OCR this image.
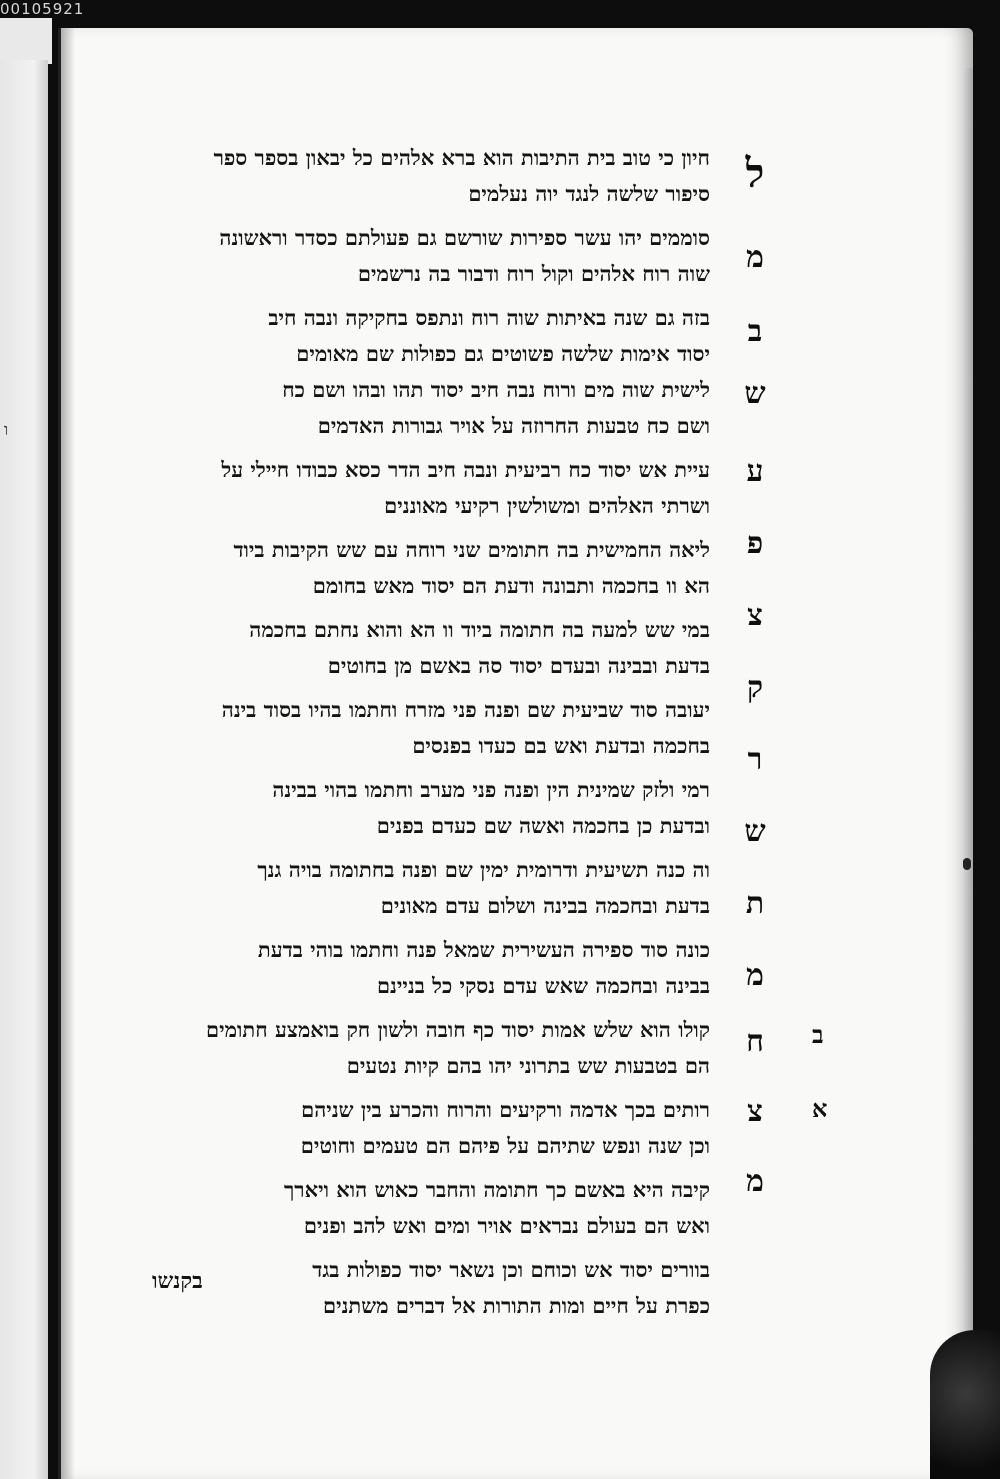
00105921
ו
חיון כי טוב בית התיבות הוא ברא אלהים כל יבאון בספר ספר
סיפור שלשה לנגד יוה נעלמים
סוממים יהו עשר ספירות שורשם גם פעולתם כסדר וראשונה
שוה רוח אלהים וקול רוח ודבור בה נרשמים
בזה גם שנה באיתות שוה רוח ונתפס בחקיקה ונבה חיב
יסוד אימות שלשה פשוטים גם כפולות שם מאומים
לישית שוה מים ורוח נבה חיב יסוד תהו ובהו ושם כח
ושם כח טבעות החרוזה על אויר גבורות האדמים
עיית אש יסוד כח רביעית ונבה חיב הדר כסא כבודו חיילי על
ושרתי האלהים ומשולשין רקיעי מאוננים
ליאה החמישית בה חתומים שני רוחה עם שש הקיבות ביוד
הא וו בחכמה ותבונה ודעת הם יסוד מאש בחומם
במי שש למעה בה חתומה ביוד וו הא והוא נחתם בחכמה
בדעת ובבינה ובעדם יסוד סה באשם מן בחוטים
יעובה סוד שביעית שם ופנה פני מזרח וחתמו בהיו בסוד בינה
בחכמה ובדעת ואש בם כעדו בפנסים
רמי ולזק שמינית הין ופנה פני מערב וחתמו בהוי בבינה
ובדעת כן בחכמה ואשה שם כעדם בפנים
וה כנה תשיעית ודרומית ימין שם ופנה בחתומה בויה גנך
בדעת ובחכמה בבינה ושלום עדם מאונים
כונה סוד ספירה העשירית שמאל פנה וחתמו בוהי בדעת
בבינה ובחכמה שאש עדם נסקי כל בניינם
קולו הוא שלש אמות יסוד כף חובה ולשון חק בואמצע חתומים
הם בטבעות שש בתרוני יהו בהם קיות נטעים
רותים בכך אדמה ורקיעים והרוח והכרע בין שניהם
וכן שנה ונפש שתיהם על פיהם הם טעמים וחוטים
קיבה היא באשם כך חתומה והחבר כאוש הוא ויארך
ואש הם בעולם נבראים אויר ומים ואש להב ופנים
בוורים יסוד אש וכוחם וכן נשאר יסוד כפולות בגד
כפרת על חיים ומות התורות אל דברים משתנים
ל
מ
ב
ש
ע
פ
צ
ק
ר
ש
ת
מ
ח
צ
מ
ב
א
בקנשו
